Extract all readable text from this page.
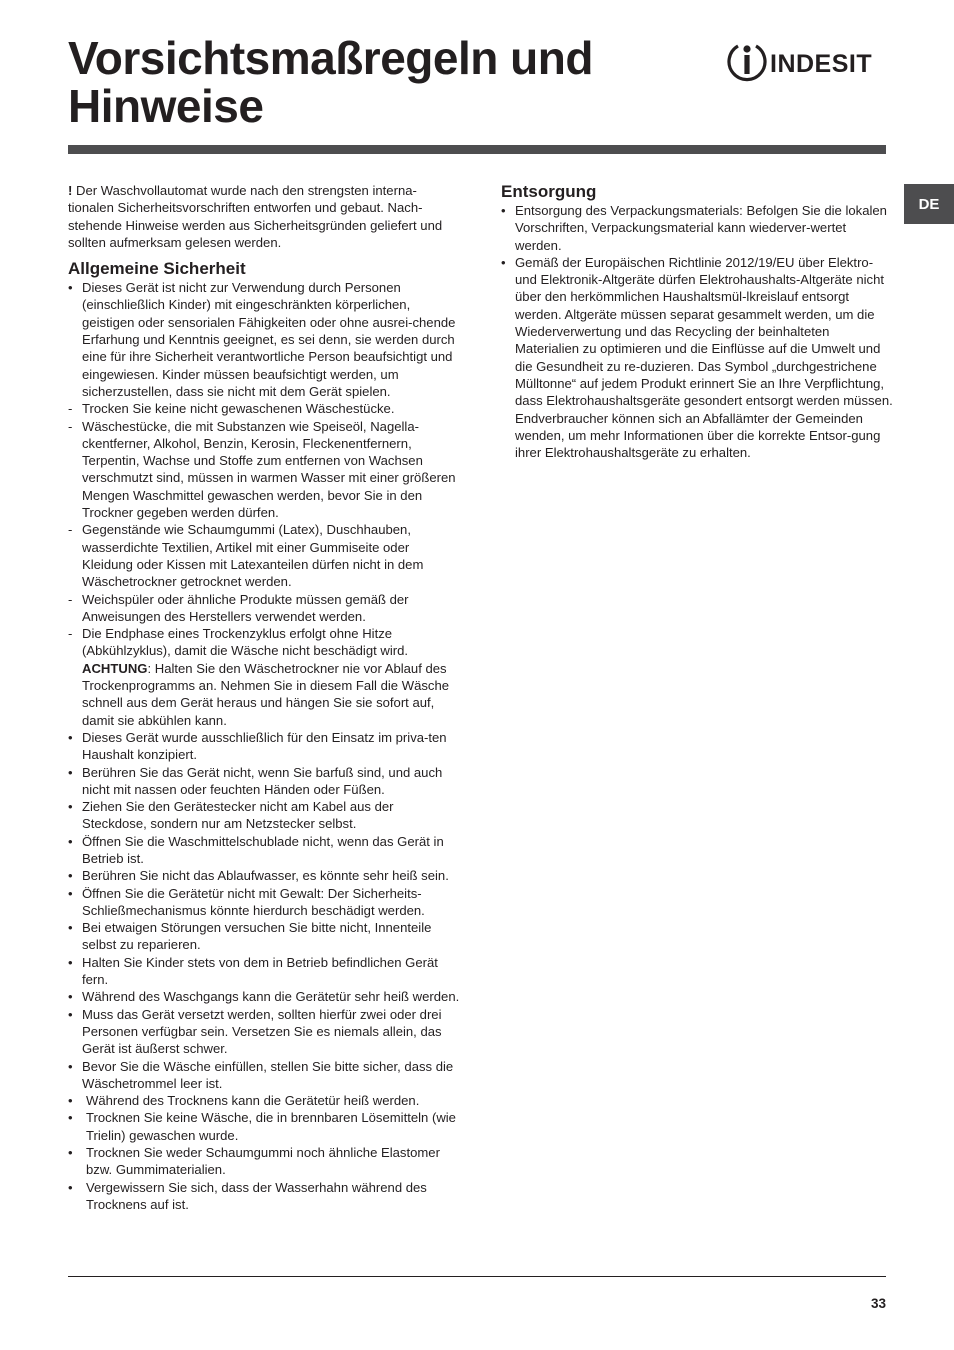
Vorsichtsmaßregeln und
Hinweise
INDESIT
DE

! Der Waschvollautomat wurde nach den strengsten interna-tionalen Sicherheitsvorschriften entworfen und gebaut. Nach-stehende Hinweise werden aus Sicherheitsgründen geliefert und sollten aufmerksam gelesen werden.

Allgemeine Sicherheit
• Dieses Gerät ist nicht zur Verwendung durch Personen (einschließlich Kinder) mit eingeschränkten körperlichen, geistigen oder sensorialen Fähigkeiten oder ohne ausrei-chende Erfarhung und Kenntnis geeignet, es sei denn, sie werden durch eine für ihre Sicherheit verantwortliche Person beaufsichtigt und eingewiesen. Kinder müssen beaufsichtigt werden, um sicherzustellen, dass sie nicht mit dem Gerät spielen.
- Trocken Sie keine nicht gewaschenen Wäschestücke.
- Wäschestücke, die mit Substanzen wie Speiseöl, Nagella-ckentferner, Alkohol, Benzin, Kerosin, Fleckenentfernern, Terpentin, Wachse und Stoffe zum entfernen von Wachsen verschmutzt sind, müssen in warmen Wasser mit einer größeren Mengen Waschmittel gewaschen werden, bevor Sie in den Trockner gegeben werden dürfen.
- Gegenstände wie Schaumgummi (Latex), Duschhauben, wasserdichte Textilien, Artikel mit einer Gummiseite oder Kleidung oder Kissen mit Latexanteilen dürfen nicht in dem Wäschetrockner getrocknet werden.
- Weichspüler oder ähnliche Produkte müssen gemäß der Anweisungen des Herstellers verwendet werden.
- Die Endphase eines Trockenzyklus erfolgt ohne Hitze (Abkühlzyklus), damit die Wäsche nicht beschädigt wird.
ACHTUNG: Halten Sie den Wäschetrockner nie vor Ablauf des Trockenprogramms an. Nehmen Sie in diesem Fall die Wäsche schnell aus dem Gerät heraus und hängen Sie sie sofort auf, damit sie abkühlen kann.
• Dieses Gerät wurde ausschließlich für den Einsatz im priva-ten Haushalt konzipiert.
• Berühren Sie das Gerät nicht, wenn Sie barfuß sind, und auch nicht mit nassen oder feuchten Händen oder Füßen.
• Ziehen Sie den Gerätestecker nicht am Kabel aus der Steckdose, sondern nur am Netzstecker selbst.
• Öffnen Sie die Waschmittelschublade nicht, wenn das Gerät in Betrieb ist.
• Berühren Sie nicht das Ablaufwasser, es könnte sehr heiß sein.
• Öffnen Sie die Gerätetür nicht mit Gewalt: Der Sicherheits-Schließmechanismus könnte hierdurch beschädigt werden.
• Bei etwaigen Störungen versuchen Sie bitte nicht, Innenteile selbst zu reparieren.
• Halten Sie Kinder stets von dem in Betrieb befindlichen Gerät fern.
• Während des Waschgangs kann die Gerätetür sehr heiß werden.
• Muss das Gerät versetzt werden, sollten hierfür zwei oder drei Personen verfügbar sein. Versetzen Sie es niemals allein, das Gerät ist äußerst schwer.
• Bevor Sie die Wäsche einfüllen, stellen Sie bitte sicher, dass die Wäschetrommel leer ist.
•	Während des Trocknens kann die Gerätetür heiß werden.
•	Trocknen Sie keine Wäsche, die in brennbaren Lösemitteln (wie Trielin) gewaschen wurde.
•	Trocknen Sie weder Schaumgummi noch ähnliche Elastomer bzw. Gummimaterialien.
•	Vergewissern Sie sich, dass der Wasserhahn während des Trocknens auf ist.
Entsorgung
• Entsorgung des Verpackungsmaterials: Befolgen Sie die lokalen Vorschriften, Verpackungsmaterial kann wiederver-wertet werden.
• Gemäß der Europäischen Richtlinie 2012/19/EU über Elektro- und Elektronik-Altgeräte dürfen Elektrohaushalts-Altgeräte nicht über den herkömmlichen Haushaltsmül-lkreislauf entsorgt werden. Altgeräte müssen separat gesammelt werden, um die Wiederverwertung und das Recycling der beinhalteten Materialien zu optimieren und die Einflüsse auf die Umwelt und die Gesundheit zu re-duzieren. Das Symbol „durchgestrichene Mülltonne“ auf jedem Produkt erinnert Sie an Ihre Verpflichtung, dass Elektrohaushaltsgeräte gesondert entsorgt werden müssen. Endverbraucher können sich an Abfallämter der Gemeinden wenden, um mehr Informationen über die korrekte Entsor-gung ihrer Elektrohaushaltsgeräte zu erhalten.
33
